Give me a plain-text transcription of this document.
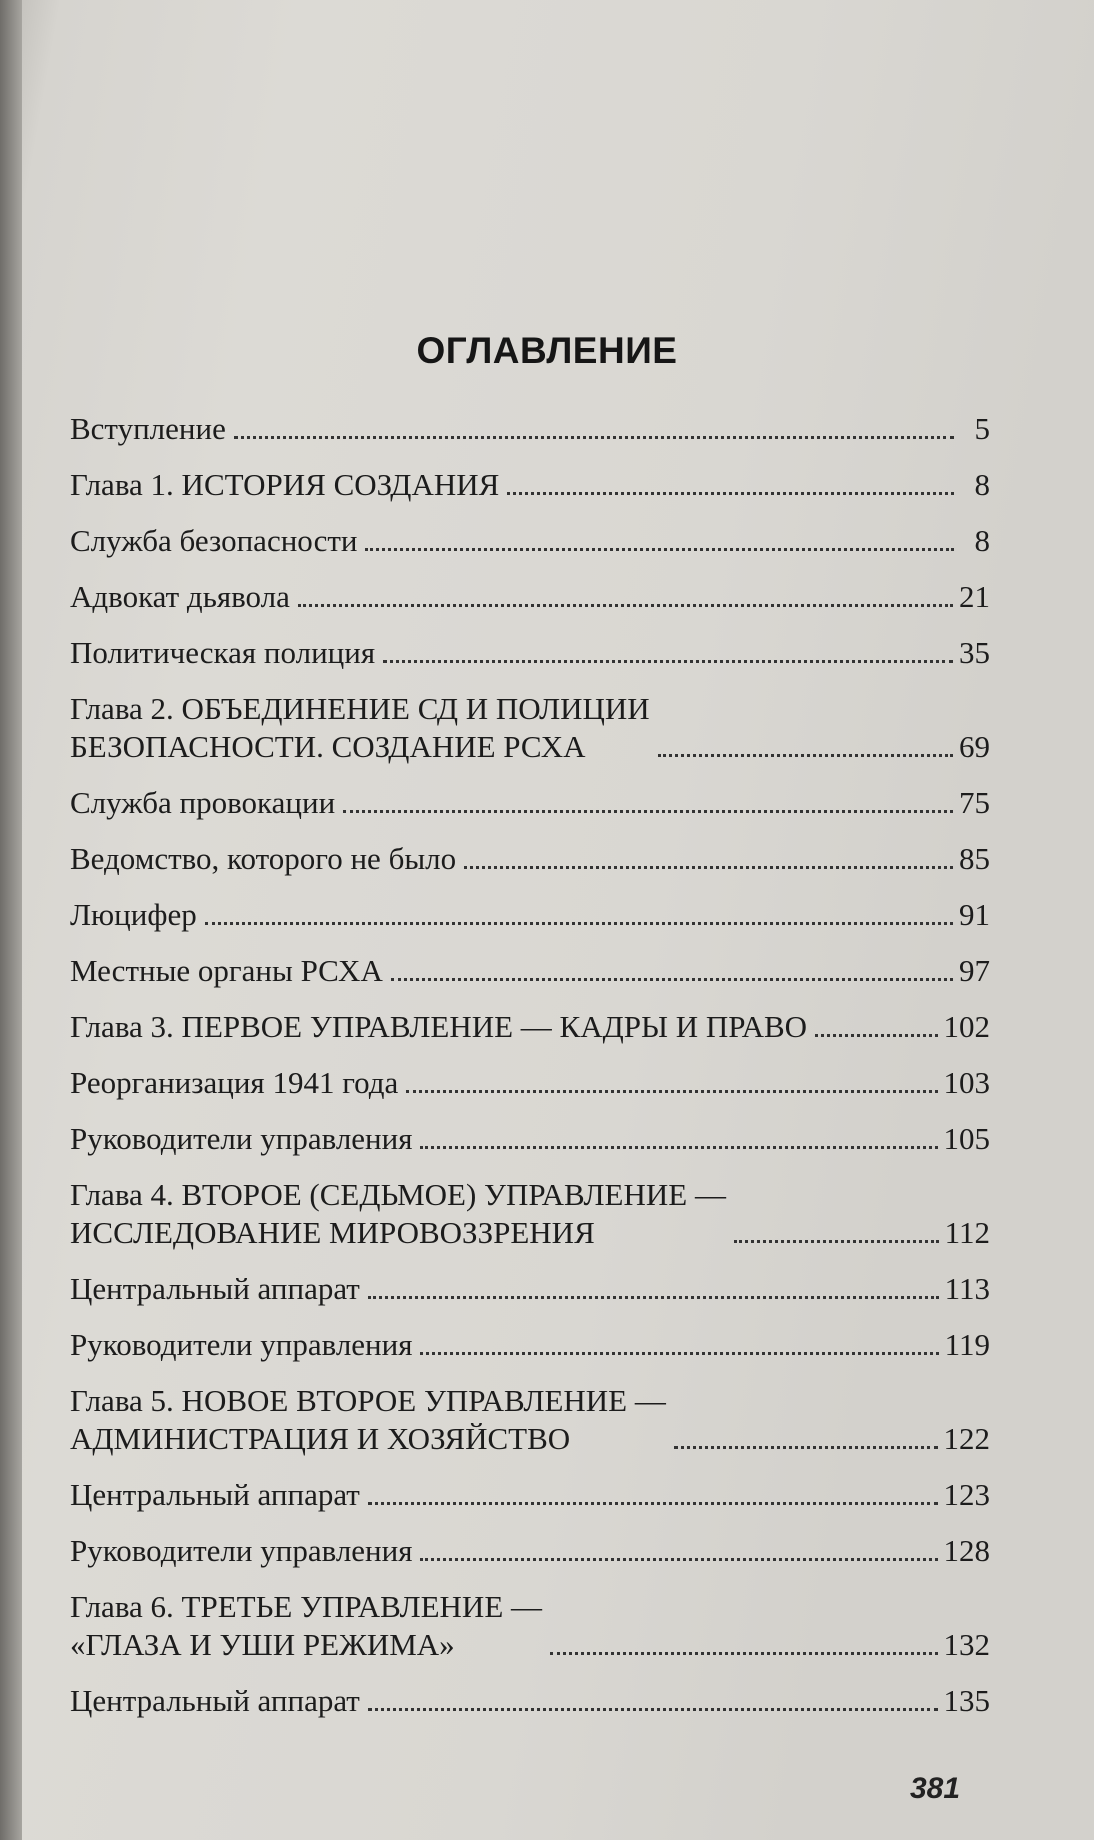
ОГЛАВЛЕНИЕ
Вступление	5
Глава 1. ИСТОРИЯ СОЗДАНИЯ	8
Служба безопасности	8
Адвокат дьявола	21
Политическая полиция	35
Глава 2. ОБЪЕДИНЕНИЕ СД И ПОЛИЦИИ
БЕЗОПАСНОСТИ. СОЗДАНИЕ РСХА	69
Служба провокации	75
Ведомство, которого не было	85
Люцифер	91
Местные органы РСХА	97
Глава 3. ПЕРВОЕ УПРАВЛЕНИЕ — КАДРЫ И ПРАВО	102
Реорганизация 1941 года	103
Руководители управления	105
Глава 4. ВТОРОЕ (СЕДЬМОЕ) УПРАВЛЕНИЕ —
ИССЛЕДОВАНИЕ МИРОВОЗЗРЕНИЯ	112
Центральный аппарат	113
Руководители управления	119
Глава 5. НОВОЕ ВТОРОЕ УПРАВЛЕНИЕ —
АДМИНИСТРАЦИЯ И ХОЗЯЙСТВО	122
Центральный аппарат	123
Руководители управления	128
Глава 6. ТРЕТЬЕ УПРАВЛЕНИЕ —
«ГЛАЗА И УШИ РЕЖИМА»	132
Центральный аппарат	135
381
